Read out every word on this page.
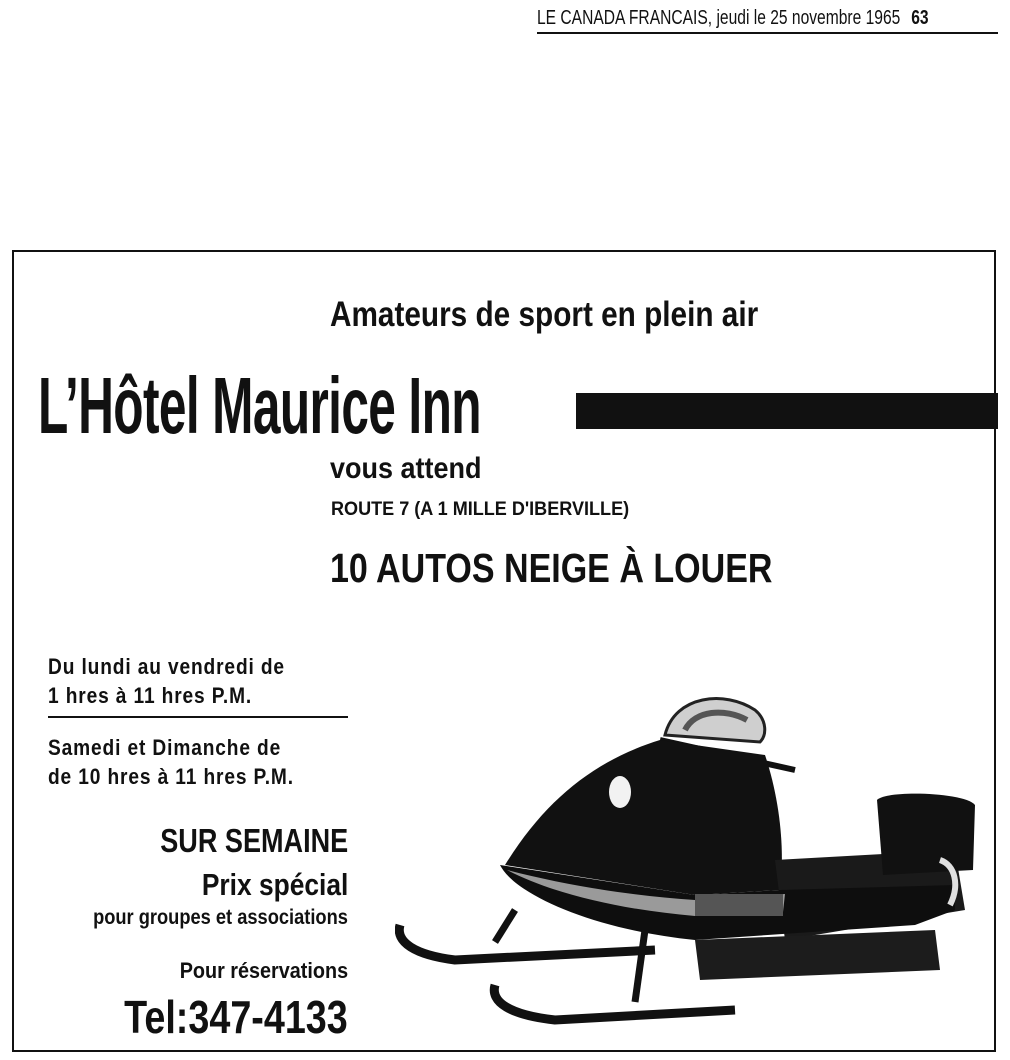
LE CANADA FRANCAIS, jeudi le 25 novembre 1965 63
Amateurs de sport en plein air
L’Hôtel Maurice Inn
vous attend
ROUTE 7 (A 1 MILLE D'IBERVILLE)
10 AUTOS NEIGE À LOUER
Du lundi au vendredi de
1 hres à 11 hres P.M.
Samedi et Dimanche de
de 10 hres à 11 hres P.M.
SUR SEMAINE
Prix spécial
pour groupes et associations
Pour réservations
Tel:347-4133
